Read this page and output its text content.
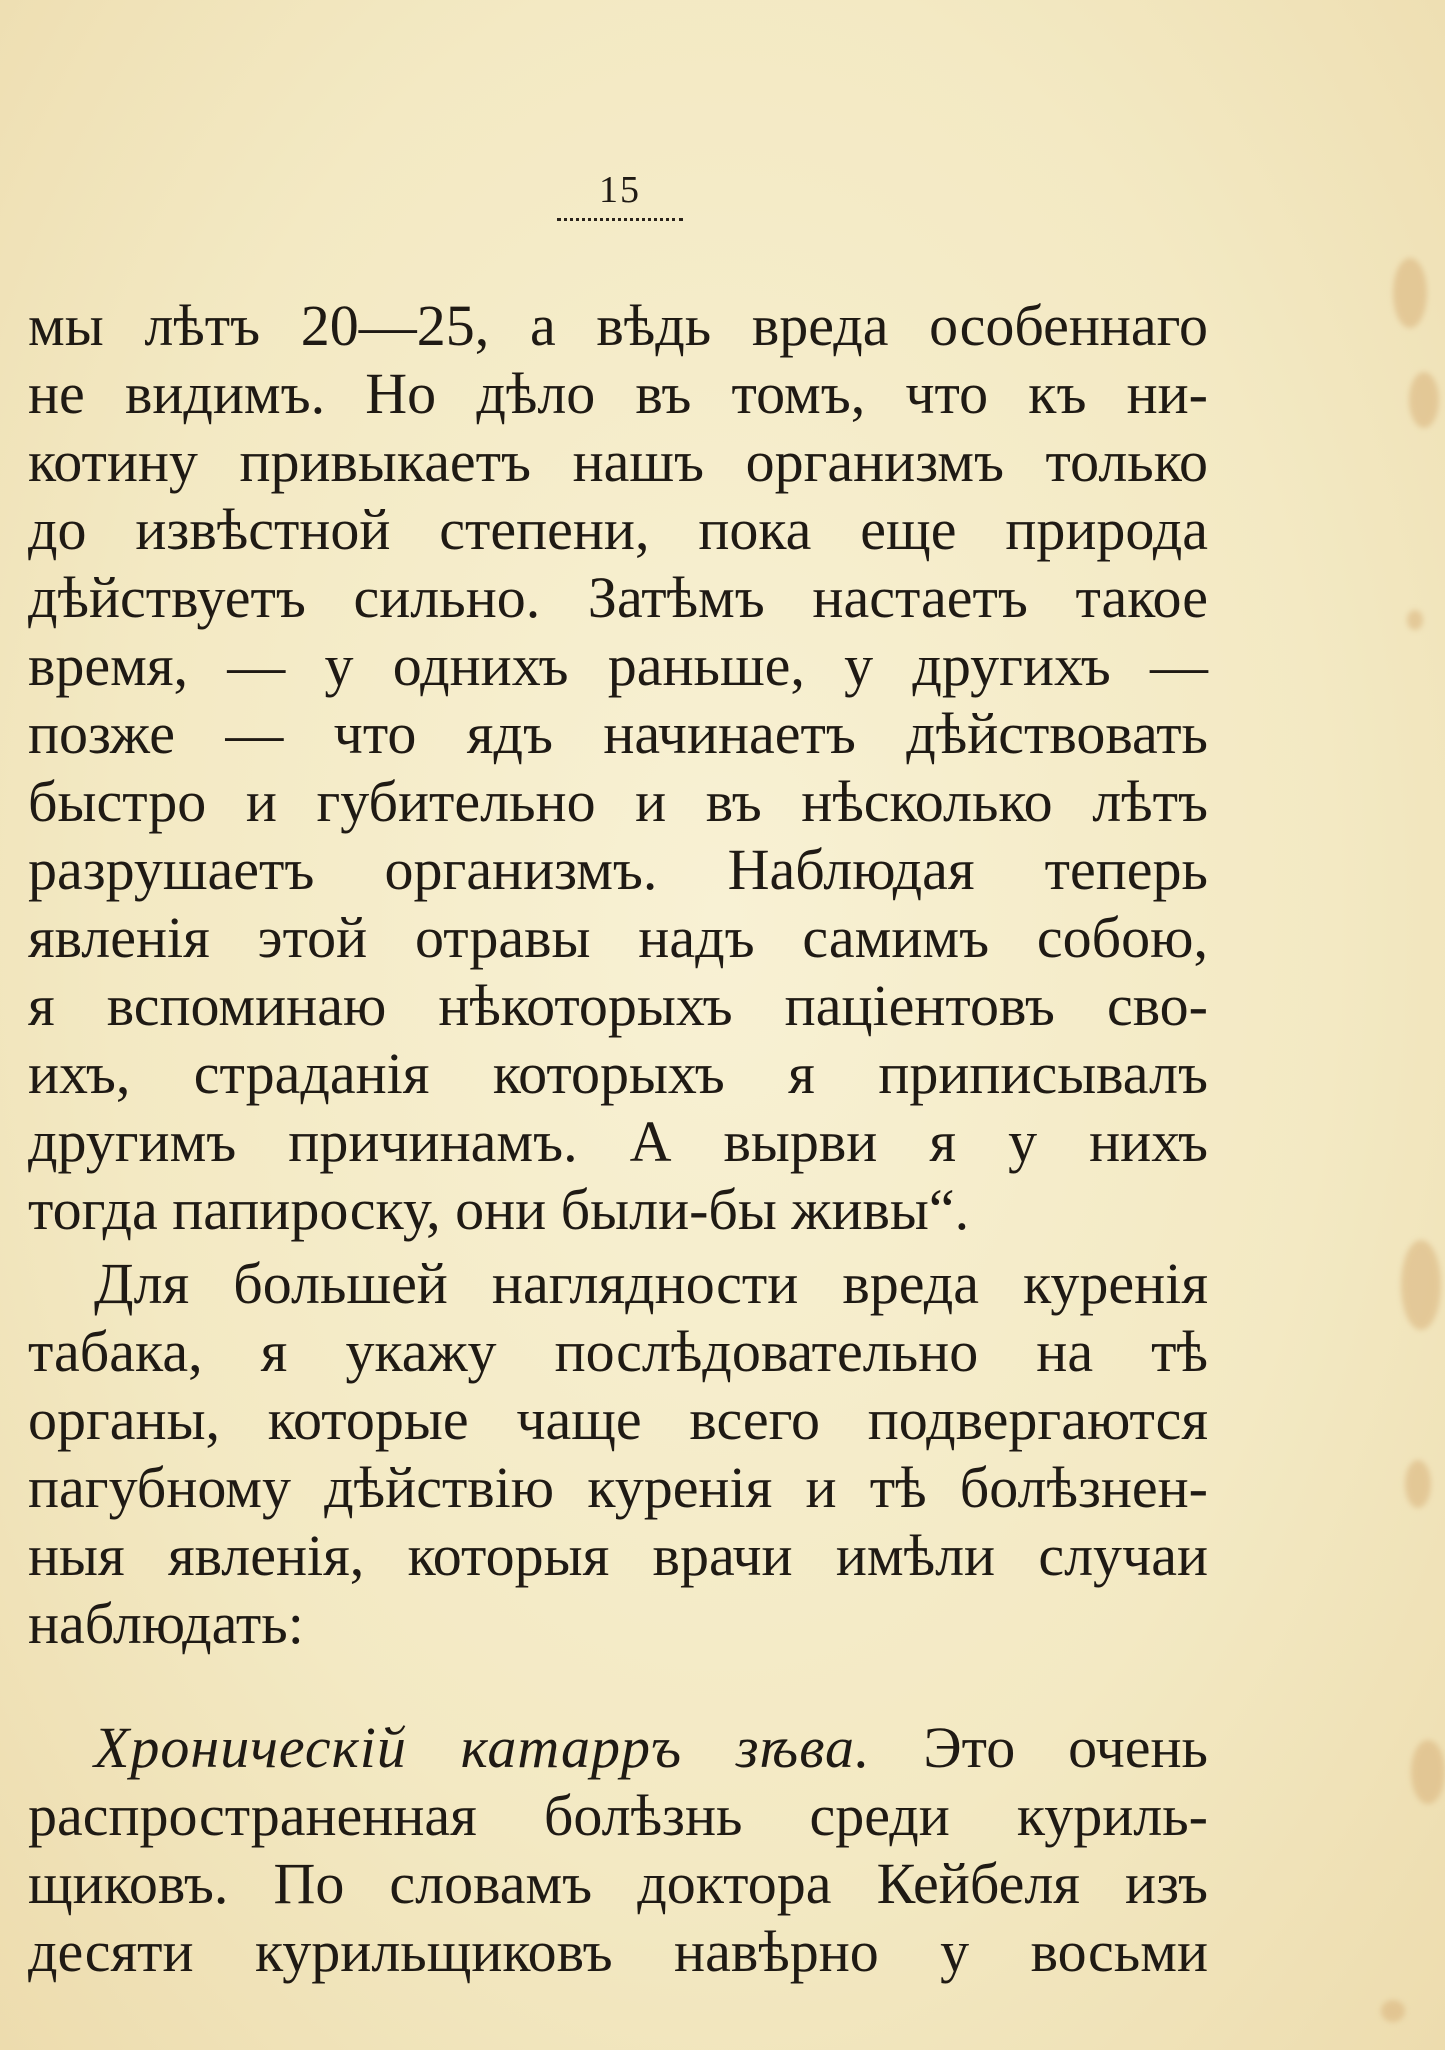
15
мы лѣтъ 20—25, а вѣдь вреда особеннаго
не видимъ. Но дѣло въ томъ, что къ ни-
котину привыкаетъ нашъ организмъ только
до извѣстной степени, пока еще природа
дѣйствуетъ сильно. Затѣмъ настаетъ такое
время, — у однихъ раньше, у другихъ —
позже — что ядъ начинаетъ дѣйствовать
быстро и губительно и въ нѣсколько лѣтъ
разрушаетъ организмъ. Наблюдая теперь
явленія этой отравы надъ самимъ собою,
я вспоминаю нѣкоторыхъ паціентовъ сво-
ихъ, страданія которыхъ я приписывалъ
другимъ причинамъ. А вырви я у нихъ
тогда папироску, они были-бы живы“.
Для большей наглядности вреда куренія
табака, я укажу послѣдовательно на тѣ
органы, которые чаще всего подвергаются
пагубному дѣйствію куренія и тѣ болѣзнен-
ныя явленія, которыя врачи имѣли случаи
наблюдать:
Хроническій катарръ зѣва. Это очень
распространенная болѣзнь среди куриль-
щиковъ. По словамъ доктора Кейбеля изъ
десяти курильщиковъ навѣрно у восьми
